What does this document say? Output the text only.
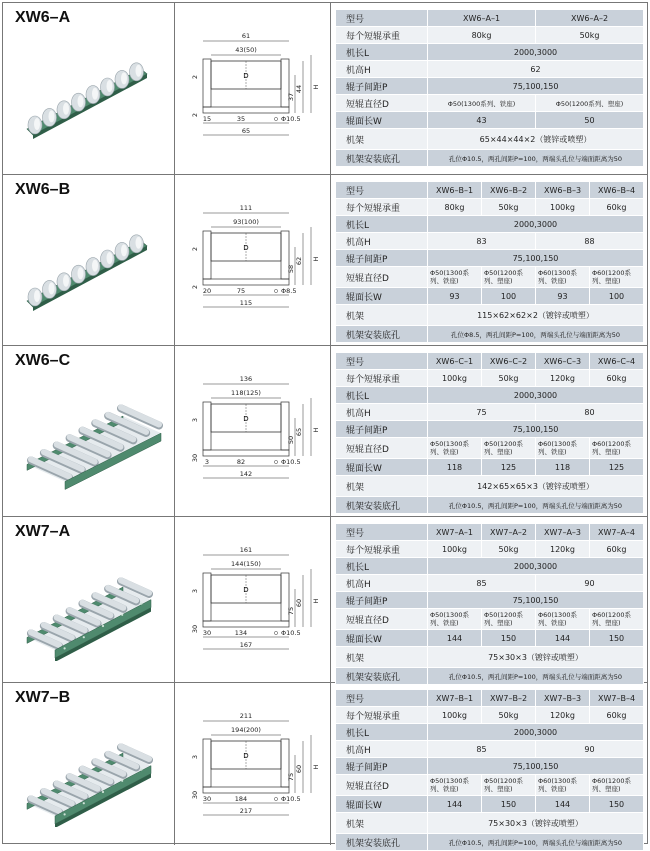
XW6–A
61
43(50)
D
37
44 H
2
2 15	35
65
Φ10.5
型号	XW6–A–1	XW6–A–2
每个短辊承重	80kg	50kg
机长L	2000,3000	
机高H	62	
辊子间距P	75,100,150	
短辊直径D	Φ50(1300系列、铁座)	Φ50(1200系列、塑座)
辊面长W	43	50
机架	65×44×44×2（镀锌或喷塑）	
机架安装底孔	孔位Φ10.5，两孔间距P=100，两端头孔位与端面距离为50	
XW6–B
111
93(100)
D
58
62 H
2
2 20	75
115
Φ8.5
型号	XW6–B–1	XW6–B–2	XW6–B–3	XW6–B–4
每个短辊承重	80kg	50kg	100kg	60kg
机长L	2000,3000			
机高H	83		88	
辊子间距P	75,100,150			
短辊直径D	Φ50(1300系列、铁座)	Φ50(1200系列、塑座)	Φ60(1300系列、铁座)	Φ60(1200系列、塑座)
辊面长W	93	100	93	100
机架	115×62×62×2（镀锌或喷塑）			
机架安装底孔	孔位Φ8.5，两孔间距P=100，两端头孔位与端面距离为50			
XW6–C
136
118(125)
D
50
65 H
3
30 3	82
142
Φ10.5
型号	XW6–C–1	XW6–C–2	XW6–C–3	XW6–C–4
每个短辊承重	100kg	50kg	120kg	60kg
机长L	2000,3000			
机高H	75		80	
辊子间距P	75,100,150			
短辊直径D	Φ50(1300系列、铁座)	Φ50(1200系列、塑座)	Φ60(1300系列、铁座)	Φ60(1200系列、塑座)
辊面长W	118	125	118	125
机架	142×65×65×3（镀锌或喷塑）			
机架安装底孔	孔位Φ10.5，两孔间距P=100，两端头孔位与端面距离为50			
XW7–A
161
144(150)
D
75
60 H
3
30 30	134
167
Φ10.5
型号	XW7–A–1	XW7–A–2	XW7–A–3	XW7–A–4
每个短辊承重	100kg	50kg	120kg	60kg
机长L	2000,3000			
机高H	85		90	
辊子间距P	75,100,150			
短辊直径D	Φ50(1300系列、铁座)	Φ50(1200系列、塑座)	Φ60(1300系列、铁座)	Φ60(1200系列、塑座)
辊面长W	144	150	144	150
机架	75×30×3（镀锌或喷塑）			
机架安装底孔	孔位Φ10.5，两孔间距P=100，两端头孔位与端面距离为50			
XW7–B
211
194(200)
D
75
60 H
3
30 30	184
217
Φ10.5
型号	XW7–B–1	XW7–B–2	XW7–B–3	XW7–B–4
每个短辊承重	100kg	50kg	120kg	60kg
机长L	2000,3000			
机高H	85		90	
辊子间距P	75,100,150			
短辊直径D	Φ50(1300系列、铁座)	Φ50(1200系列、塑座)	Φ60(1300系列、铁座)	Φ60(1200系列、塑座)
辊面长W	144	150	144	150
机架	75×30×3（镀锌或喷塑）			
机架安装底孔	孔位Φ10.5，两孔间距P=100，两端头孔位与端面距离为50			
